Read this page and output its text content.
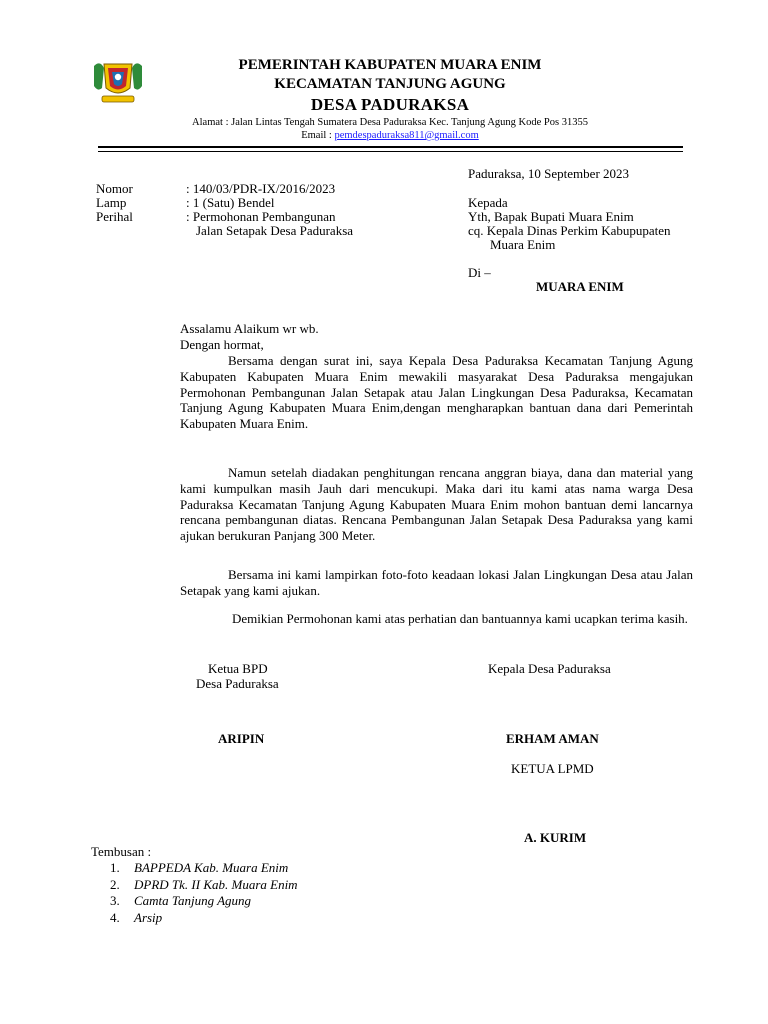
PEMERINTAH KABUPATEN MUARA ENIM
KECAMATAN TANJUNG AGUNG
DESA PADURAKSA
Alamat : Jalan Lintas Tengah Sumatera Desa Paduraksa Kec. Tanjung Agung Kode Pos 31355
Email : pemdespaduraksa811@gmail.com
Paduraksa, 10 September 2023
Nomor	: 140/03/PDR-IX/2016/2023
Lamp	: 1 (Satu) Bendel
Perihal	: Permohonan Pembangunan
Jalan Setapak Desa Paduraksa
Kepada
Yth, Bapak Bupati Muara Enim
cq. Kepala Dinas Perkim Kabupupaten
Muara Enim
Di –
MUARA ENIM
Assalamu Alaikum wr wb.
Dengan hormat,

Bersama dengan surat ini, saya Kepala Desa Paduraksa Kecamatan Tanjung Agung Kabupaten Kabupaten Muara Enim mewakili masyarakat Desa Paduraksa mengajukan Permohonan Pembangunan Jalan Setapak atau Jalan Lingkungan Desa Paduraksa, Kecamatan Tanjung Agung Kabupaten Muara Enim,dengan mengharapkan bantuan dana dari Pemerintah Kabupaten Muara Enim.

Namun setelah diadakan penghitungan rencana anggran biaya, dana dan material yang kami kumpulkan masih Jauh dari mencukupi. Maka dari itu kami atas nama warga Desa Paduraksa Kecamatan Tanjung Agung Kabupaten Muara Enim mohon bantuan demi lancarnya rencana pembangunan diatas. Rencana Pembangunan Jalan Setapak Desa Paduraksa yang kami ajukan berukuran Panjang 300 Meter.

Bersama ini kami lampirkan foto-foto keadaan lokasi Jalan Lingkungan Desa atau Jalan Setapak yang kami ajukan.

Demikian Permohonan kami atas perhatian dan bantuannya kami ucapkan terima kasih.

Ketua BPD
Desa Paduraksa
ARIPIN
Kepala Desa Paduraksa
ERHAM AMAN
KETUA LPMD
A. KURIM
Tembusan :
1. BAPPEDA Kab. Muara Enim
2. DPRD Tk. II Kab. Muara Enim
3. Camta Tanjung Agung
4. Arsip
